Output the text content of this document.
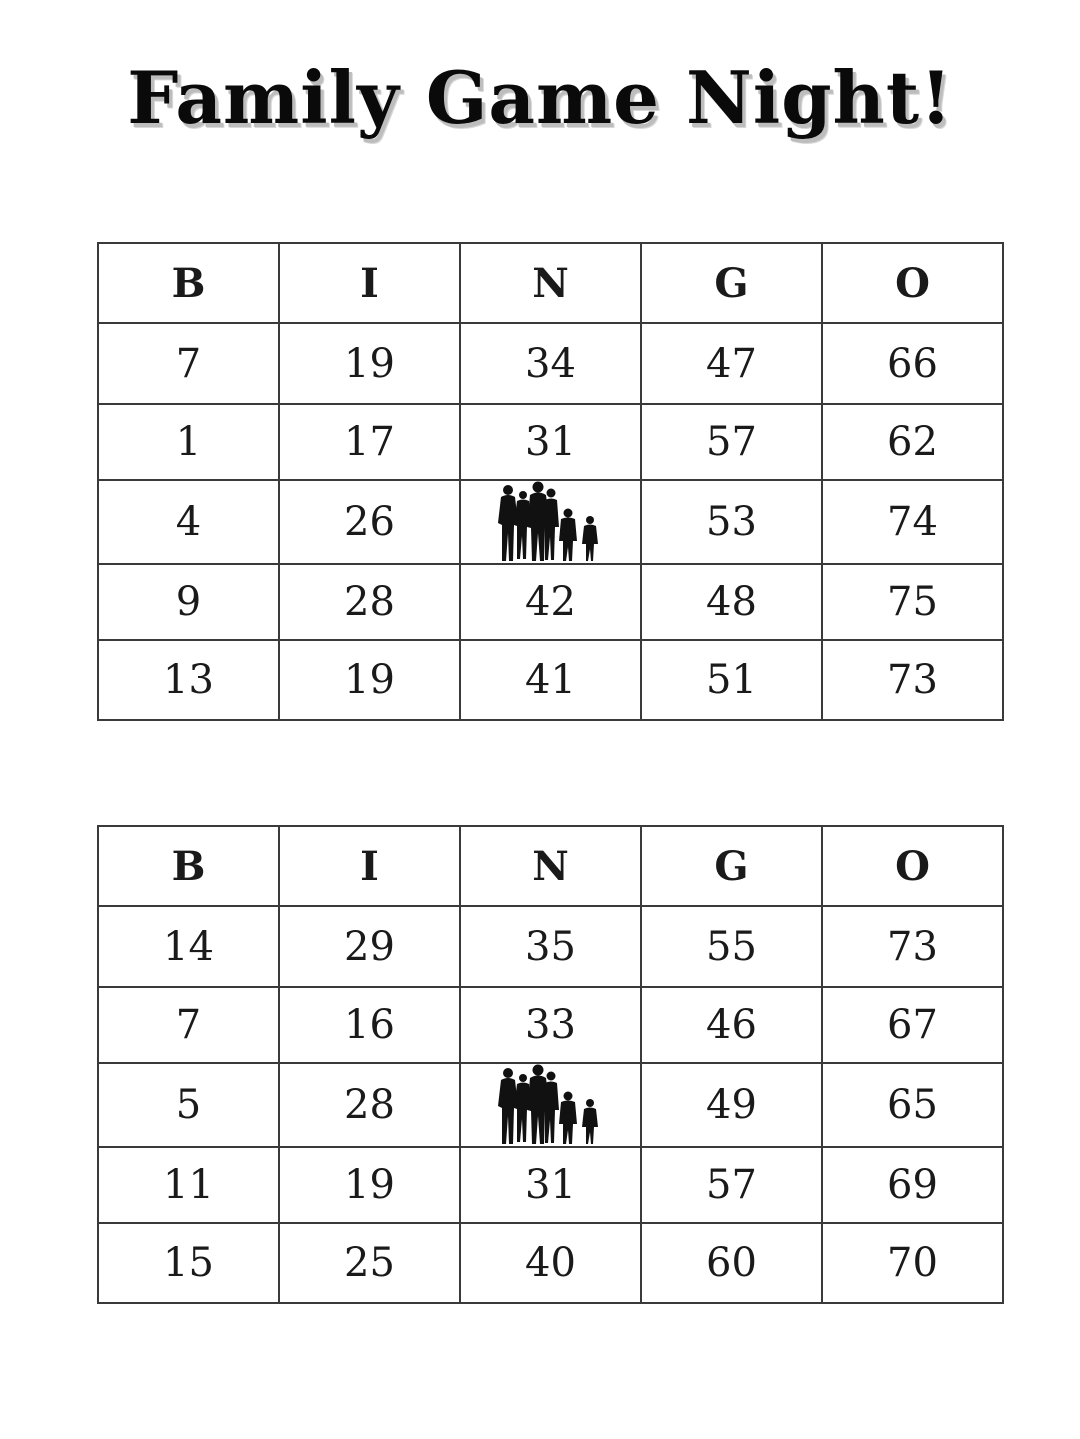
Family Game Night!
B	I	N	G	O
7	19	34	47	66
1	17	31	57	62
4	26		53	74
9	28	42	48	75
13	19	41	51	73
B	I	N	G	O
14	29	35	55	73
7	16	33	46	67
5	28		49	65
11	19	31	57	69
15	25	40	60	70
